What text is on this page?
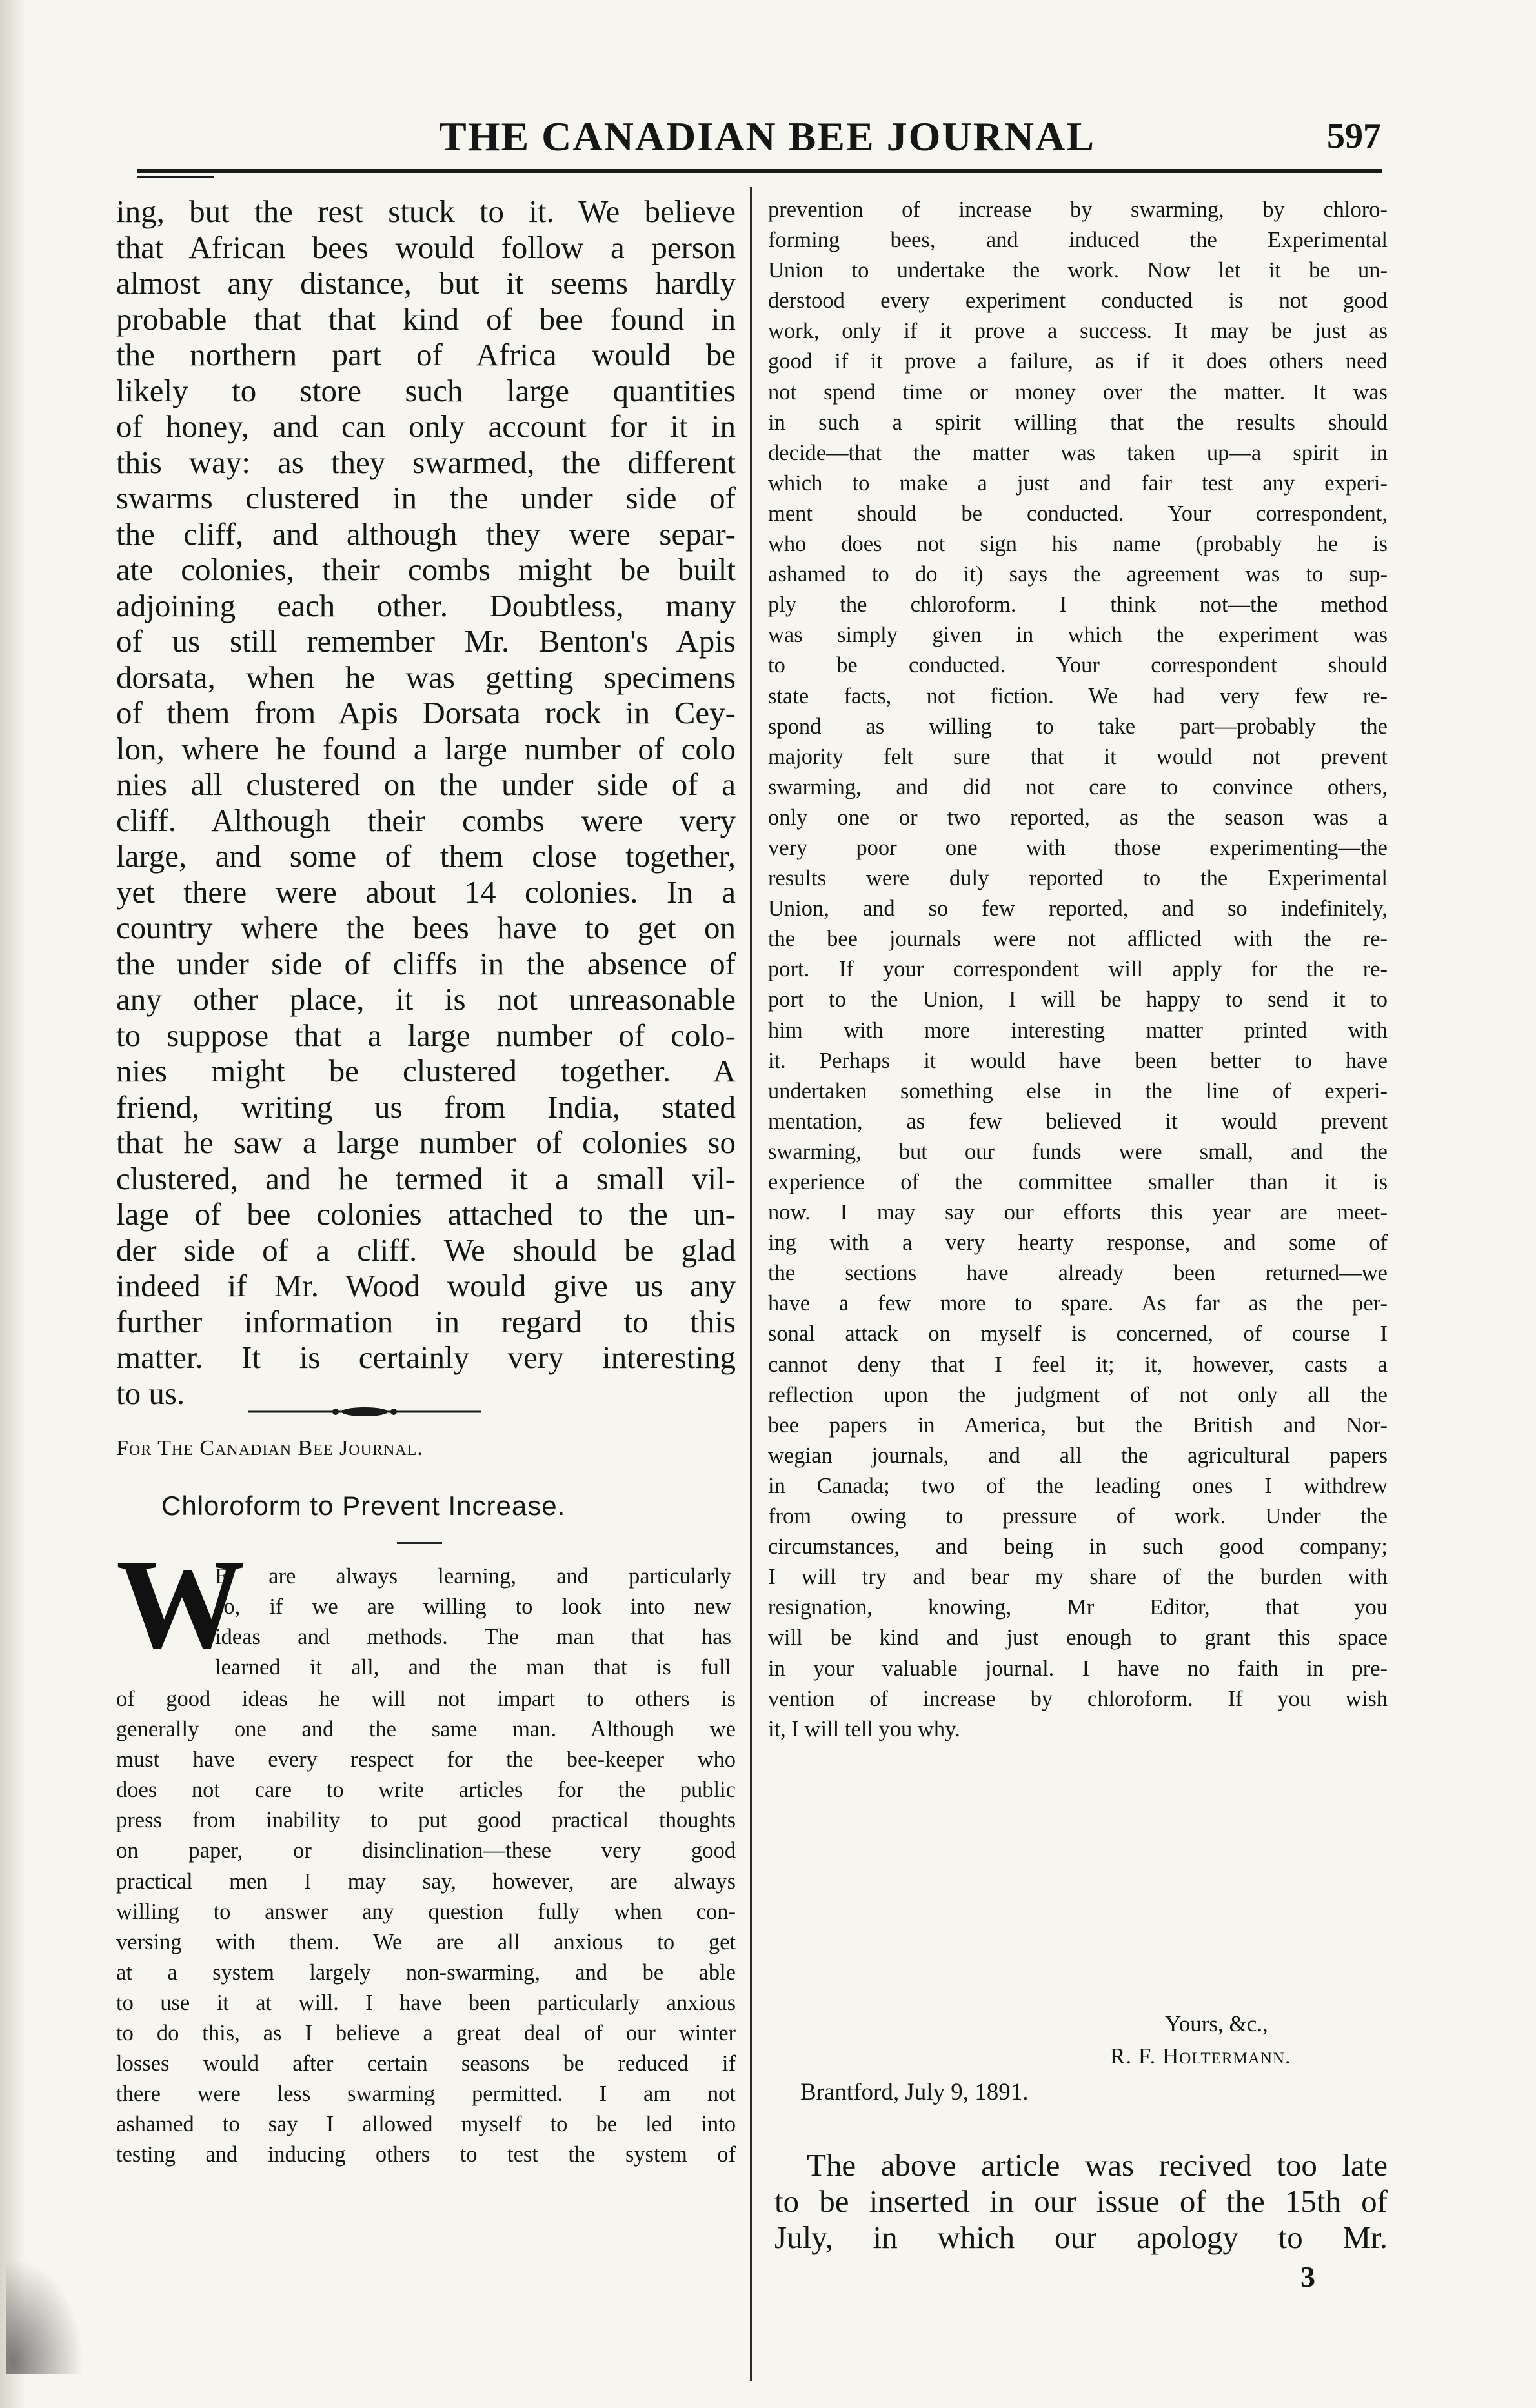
THE CANADIAN BEE JOURNAL	597

ing, but the rest stuck to it. We believe

that African bees would follow a person

almost any distance, but it seems hardly

probable that that kind of bee found in

the northern part of Africa would be

likely to store such large quantities

of honey, and can only account for it in

this way: as they swarmed, the different

swarms clustered in the under side of

the cliff, and although they were separ-

ate colonies, their combs might be built

adjoining each other. Doubtless, many

of us still remember Mr. Benton's Apis

dorsata, when he was getting specimens

of them from Apis Dorsata rock in Cey-

lon, where he found a large number of colo

nies all clustered on the under side of a

cliff. Although their combs were very

large, and some of them close together,

yet there were about 14 colonies. In a

country where the bees have to get on

the under side of cliffs in the absence of

any other place, it is not unreasonable

to suppose that a large number of colo-

nies might be clustered together. A

friend, writing us from India, stated

that he saw a large number of colonies so

clustered, and he termed it a small vil-

lage of bee colonies attached to the un-

der side of a cliff. We should be glad

indeed if Mr. Wood would give us any

further information in regard to this

matter. It is certainly very interesting

to us.

For The Canadian Bee Journal.
Chloroform to Prevent Increase.
W

E are always learning, and particularly

so, if we are willing to look into new

ideas and methods. The man that has

learned it all, and the man that is full

of good ideas he will not impart to others is

generally one and the same man. Although we

must have every respect for the bee-keeper who

does not care to write articles for the public

press from inability to put good practical thoughts

on paper, or disinclination—these very good

practical men I may say, however, are always

willing to answer any question fully when con-

versing with them. We are all anxious to get

at a system largely non-swarming, and be able

to use it at will. I have been particularly anxious

to do this, as I believe a great deal of our winter

losses would after certain seasons be reduced if

there were less swarming permitted. I am not

ashamed to say I allowed myself to be led into

testing and inducing others to test the system of

prevention of increase by swarming, by chloro-

forming bees, and induced the Experimental

Union to undertake the work. Now let it be un-

derstood every experiment conducted is not good

work, only if it prove a success. It may be just as

good if it prove a failure, as if it does others need

not spend time or money over the matter. It was

in such a spirit willing that the results should

decide—that the matter was taken up—a spirit in

which to make a just and fair test any experi-

ment should be conducted. Your correspondent,

who does not sign his name (probably he is

ashamed to do it) says the agreement was to sup-

ply the chloroform. I think not—the method

was simply given in which the experiment was

to be conducted. Your correspondent should

state facts, not fiction. We had very few re-

spond as willing to take part—probably the

majority felt sure that it would not prevent

swarming, and did not care to convince others,

only one or two reported, as the season was a

very poor one with those experimenting—the

results were duly reported to the Experimental

Union, and so few reported, and so indefinitely,

the bee journals were not afflicted with the re-

port. If your correspondent will apply for the re-

port to the Union, I will be happy to send it to

him with more interesting matter printed with

it. Perhaps it would have been better to have

undertaken something else in the line of experi-

mentation, as few believed it would prevent

swarming, but our funds were small, and the

experience of the committee smaller than it is

now. I may say our efforts this year are meet-

ing with a very hearty response, and some of

the sections have already been returned—we

have a few more to spare. As far as the per-

sonal attack on myself is concerned, of course I

cannot deny that I feel it; it, however, casts a

reflection upon the judgment of not only all the

bee papers in America, but the British and Nor-

wegian journals, and all the agricultural papers

in Canada; two of the leading ones I withdrew

from owing to pressure of work. Under the

circumstances, and being in such good company;

I will try and bear my share of the burden with

resignation, knowing, Mr Editor, that you

will be kind and just enough to grant this space

in your valuable journal. I have no faith in pre-

vention of increase by chloroform. If you wish

it, I will tell you why.

Yours, &c.,
R. F. Holtermann.
Brantford, July 9, 1891.

The above article was recived too late

to be inserted in our issue of the 15th of

July, in which our apology to Mr.

3
